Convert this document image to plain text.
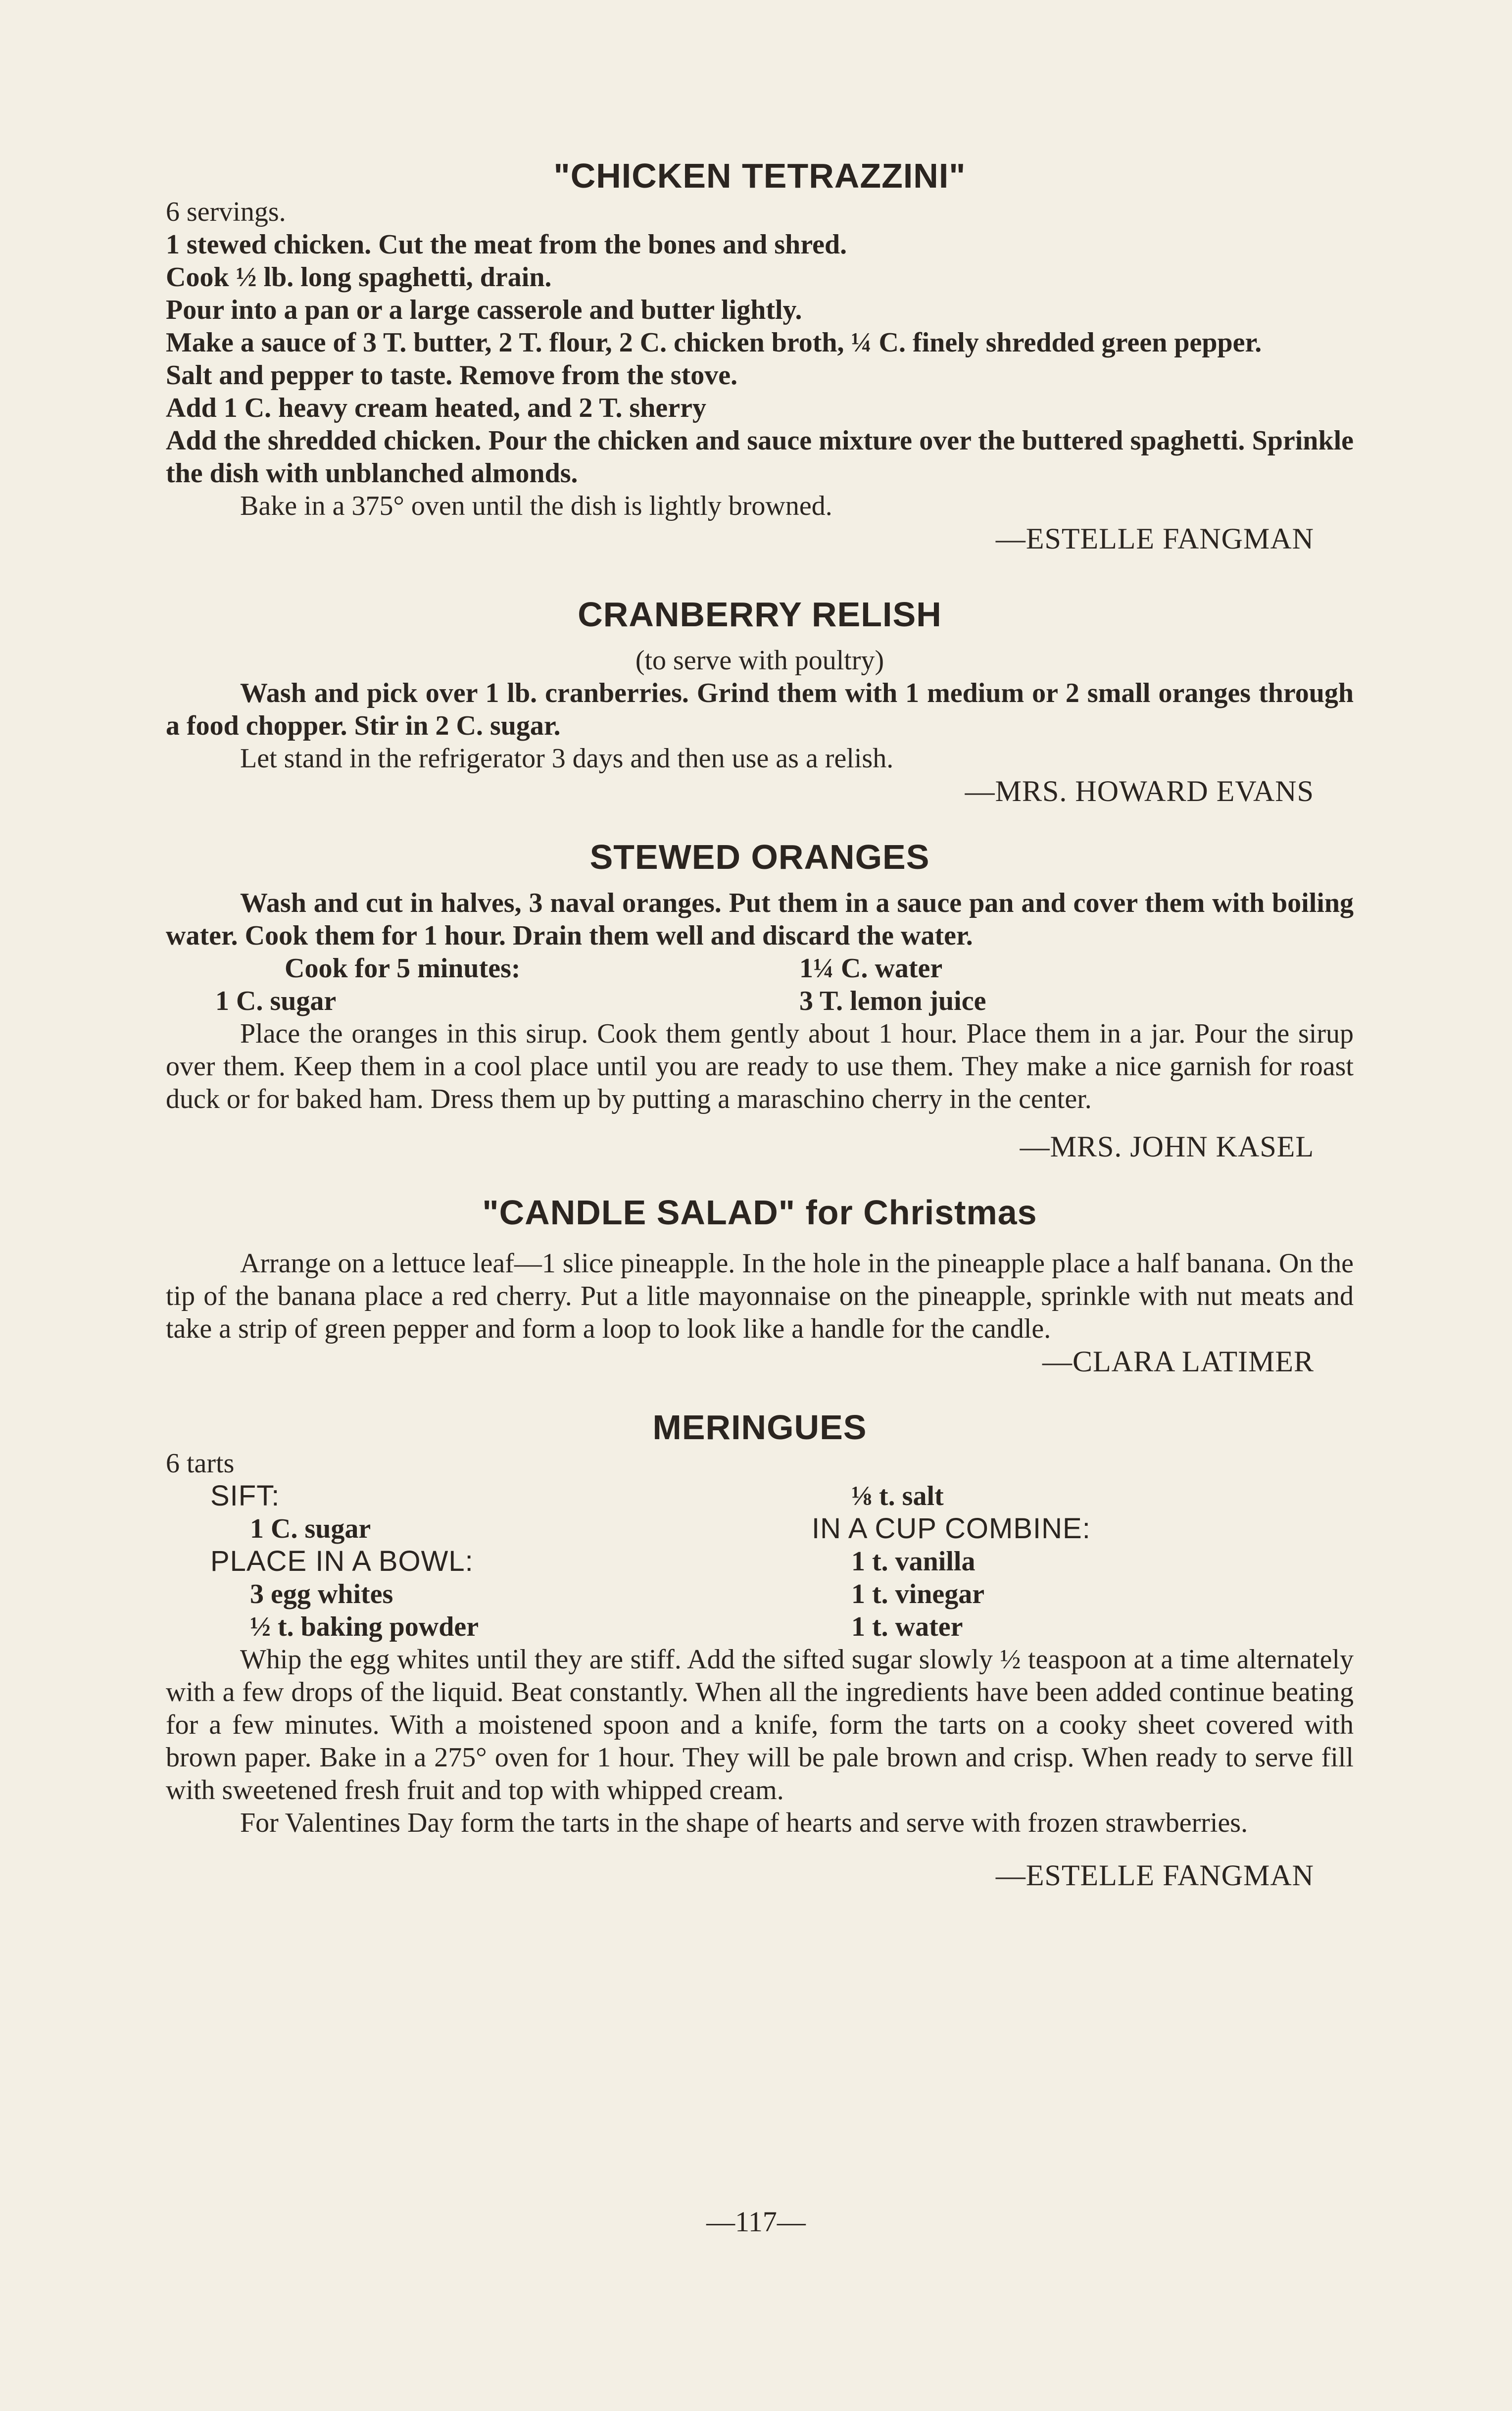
"CHICKEN TETRAZZINI"

6 servings.

1 stewed chicken. Cut the meat from the bones and shred.

Cook ½ lb. long spaghetti, drain.

Pour into a pan or a large casserole and butter lightly.

Make a sauce of 3 T. butter, 2 T. flour, 2 C. chicken broth, ¼ C. finely shredded green pepper.

Salt and pepper to taste. Remove from the stove.

Add 1 C. heavy cream heated, and 2 T. sherry

Add the shredded chicken. Pour the chicken and sauce mixture over the buttered spaghetti. Sprinkle the dish with unblanched almonds.

Bake in a 375° oven until the dish is lightly browned.

—ESTELLE FANGMAN

CRANBERRY RELISH

(to serve with poultry)

Wash and pick over 1 lb. cranberries. Grind them with 1 medium or 2 small oranges through a food chopper. Stir in 2 C. sugar.

Let stand in the refrigerator 3 days and then use as a relish.

—MRS. HOWARD EVANS

STEWED ORANGES

Wash and cut in halves, 3 naval oranges. Put them in a sauce pan and cover them with boiling water. Cook them for 1 hour. Drain them well and discard the water.

Cook for 5 minutes:

1 C. sugar

1¼ C. water

3 T. lemon juice

Place the oranges in this sirup. Cook them gently about 1 hour. Place them in a jar. Pour the sirup over them. Keep them in a cool place until you are ready to use them. They make a nice garnish for roast duck or for baked ham. Dress them up by putting a maraschino cherry in the center.

—MRS. JOHN KASEL

"CANDLE SALAD" for Christmas

Arrange on a lettuce leaf—1 slice pineapple. In the hole in the pineapple place a half banana. On the tip of the banana place a red cherry. Put a litle mayonnaise on the pineapple, sprinkle with nut meats and take a strip of green pepper and form a loop to look like a handle for the candle.

—CLARA LATIMER

MERINGUES

6 tarts

SIFT:

1 C. sugar

PLACE IN A BOWL:

3 egg whites

½ t. baking powder

⅛ t. salt

IN A CUP COMBINE:

1 t. vanilla

1 t. vinegar

1 t. water

Whip the egg whites until they are stiff. Add the sifted sugar slowly ½ teaspoon at a time alternately with a few drops of the liquid. Beat constantly. When all the ingredients have been added continue beating for a few minutes. With a moistened spoon and a knife, form the tarts on a cooky sheet covered with brown paper. Bake in a 275° oven for 1 hour. They will be pale brown and crisp. When ready to serve fill with sweetened fresh fruit and top with whipped cream.

For Valentines Day form the tarts in the shape of hearts and serve with frozen strawberries.

—ESTELLE FANGMAN

—117—
